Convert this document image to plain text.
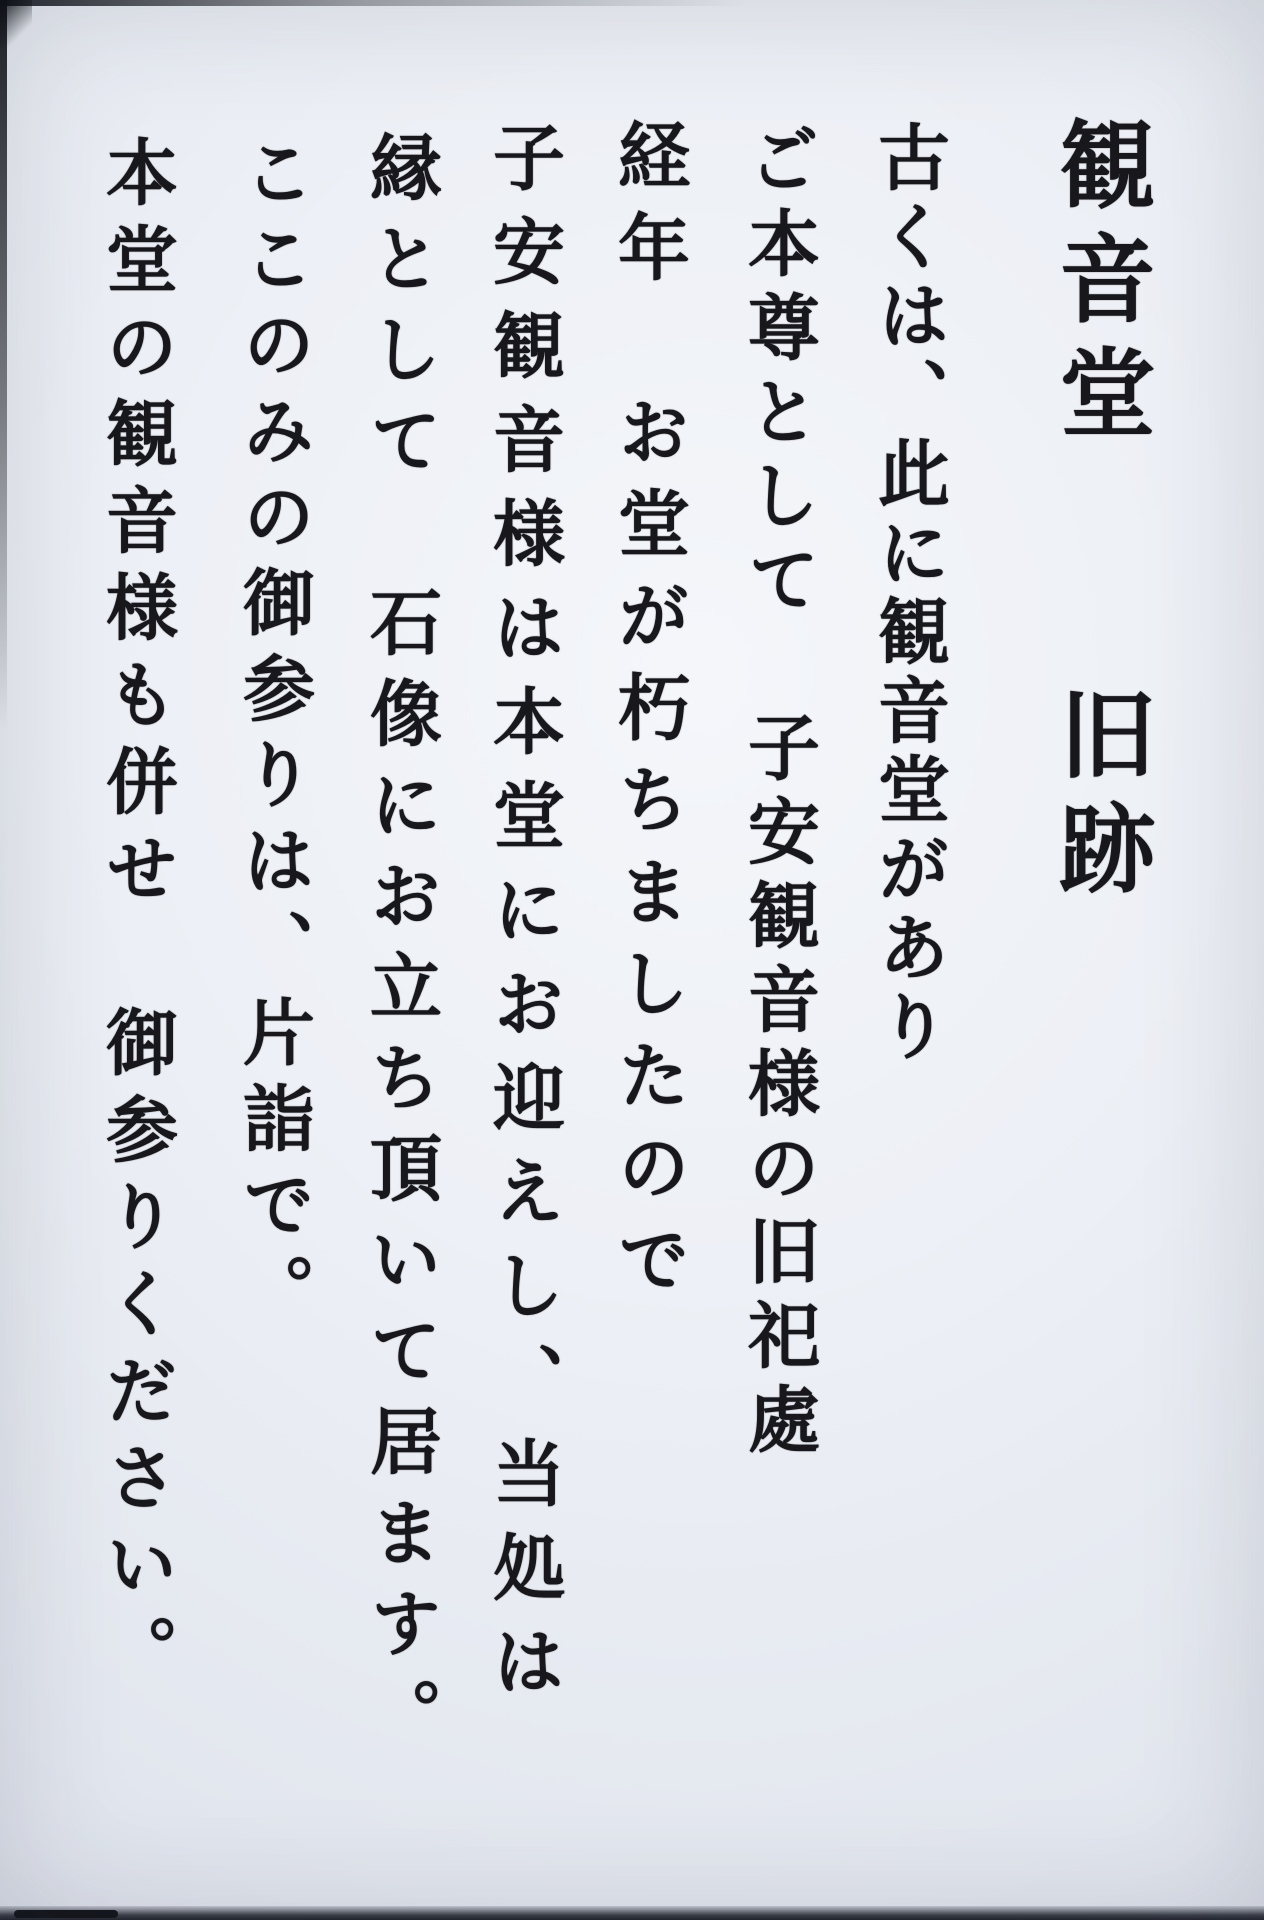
観音堂　　旧跡
古くは、此に観音堂があり
ご本尊として　子安観音様の旧祀處
経年　お堂が朽ちましたので
子安観音様は本堂にお迎えし、当処は
縁として　石像にお立ち頂いて居ます。
ここのみの御参りは、片詣で。
本堂の観音様も併せ　御参りください。
